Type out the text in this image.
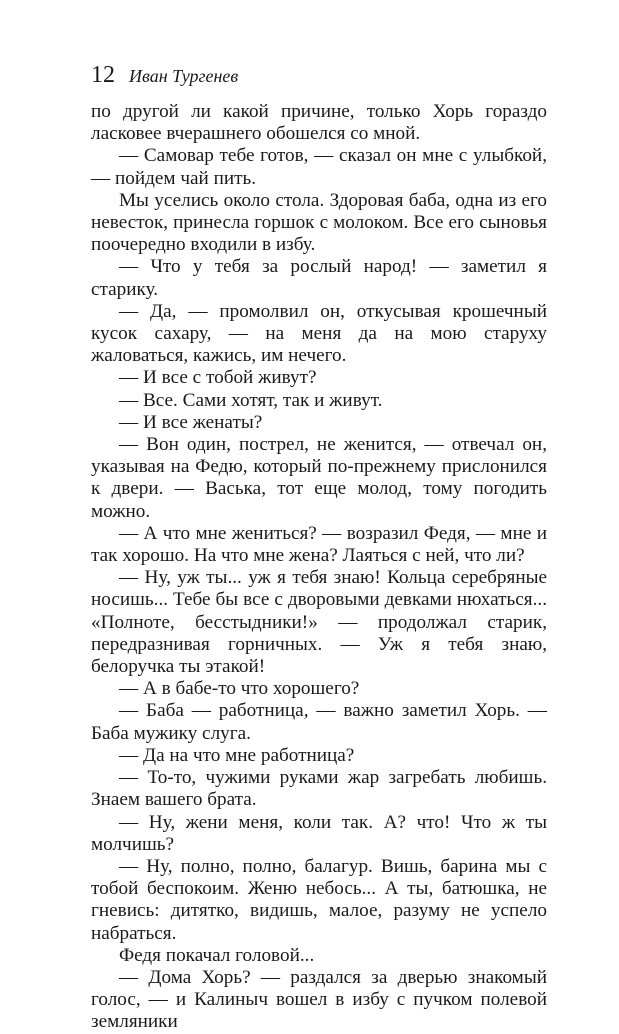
12 Иван Тургенев

по другой ли какой причине, только Хорь гораздо ласковее вчерашнего обошелся со мной.

— Самовар тебе готов, — сказал он мне с улыбкой, — пойдем чай пить.

Мы уселись около стола. Здоровая баба, одна из его невесток, принесла горшок с молоком. Все его сыновья поочередно входили в избу.

— Что у тебя за рослый народ! — заметил я старику.

— Да, — промолвил он, откусывая крошечный кусок сахару, — на меня да на мою старуху жаловаться, кажись, им нечего.

— И все с тобой живут?

— Все. Сами хотят, так и живут.

— И все женаты?

— Вон один, пострел, не женится, — отвечал он, указывая на Федю, который по-прежнему прислонился к двери. — Васька, тот еще молод, тому погодить можно.

— А что мне жениться? — возразил Федя, — мне и так хорошо. На что мне жена? Лаяться с ней, что ли?

— Ну, уж ты... уж я тебя знаю! Кольца серебряные носишь... Тебе бы все с дворовыми девками нюхаться... «Полноте, бесстыдники!» — продолжал старик, передразнивая горничных. — Уж я тебя знаю, белоручка ты этакой!

— А в бабе-то что хорошего?

— Баба — работница, — важно заметил Хорь. — Баба мужику слуга.

— Да на что мне работница?

— То-то, чужими руками жар загребать любишь. Знаем вашего брата.

— Ну, жени меня, коли так. А? что! Что ж ты молчишь?

— Ну, полно, полно, балагур. Вишь, барина мы с тобой беспокоим. Женю небось... А ты, батюшка, не гневись: дитятко, видишь, малое, разуму не успело набраться.

Федя покачал головой...

— Дома Хорь? — раздался за дверью знакомый голос, — и Калиныч вошел в избу с пучком полевой земляники
